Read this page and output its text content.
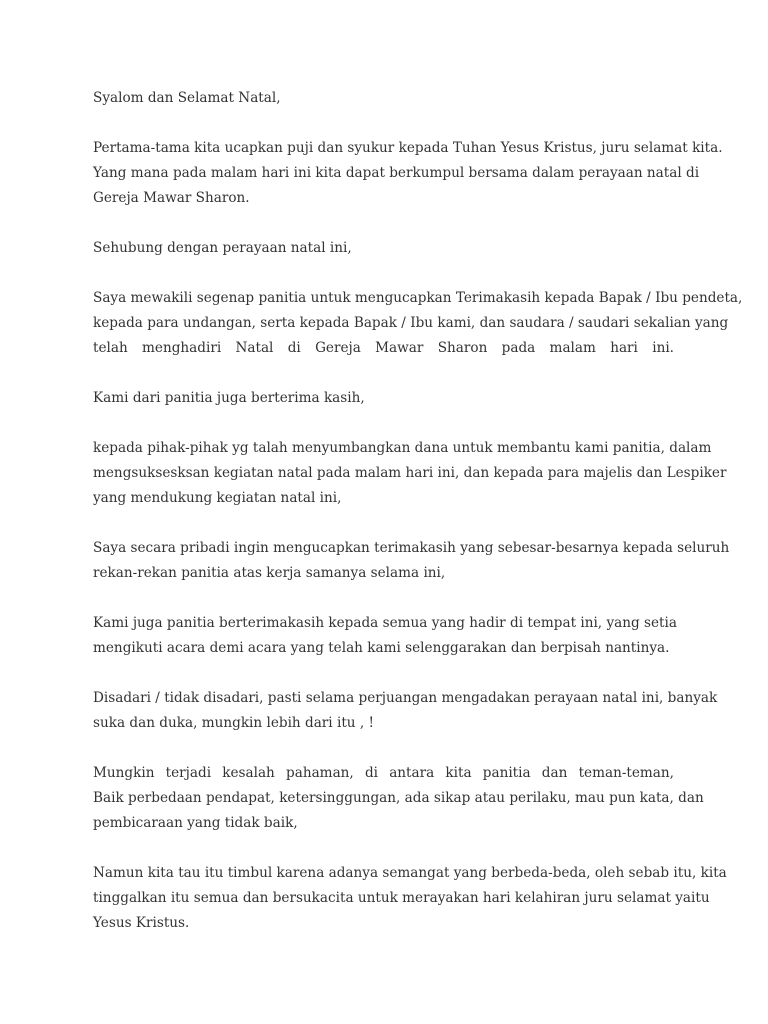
Syalom dan Selamat Natal,

Pertama-tama kita ucapkan puji dan syukur kepada Tuhan Yesus Kristus, juru selamat kita.
Yang mana pada malam hari ini kita dapat berkumpul bersama dalam perayaan natal di
Gereja Mawar Sharon.

Sehubung dengan perayaan natal ini,

Saya mewakili segenap panitia untuk mengucapkan Terimakasih kepada Bapak / Ibu pendeta,
kepada para undangan, serta kepada Bapak / Ibu kami, dan saudara / saudari sekalian yang
telah menghadiri Natal di Gereja Mawar Sharon pada malam hari ini.

Kami dari panitia juga berterima kasih,

kepada pihak-pihak yg talah menyumbangkan dana untuk membantu kami panitia, dalam
mengsuksesksan kegiatan natal pada malam hari ini, dan kepada para majelis dan Lespiker
yang mendukung kegiatan natal ini,

Saya secara pribadi ingin mengucapkan terimakasih yang sebesar-besarnya kepada seluruh
rekan-rekan panitia atas kerja samanya selama ini,

Kami juga panitia berterimakasih kepada semua yang hadir di tempat ini, yang setia
mengikuti acara demi acara yang telah kami selenggarakan dan berpisah nantinya.

Disadari / tidak disadari, pasti selama perjuangan mengadakan perayaan natal ini, banyak
suka dan duka, mungkin lebih dari itu , !

Mungkin terjadi kesalah pahaman, di antara kita panitia dan teman-teman,
Baik perbedaan pendapat, ketersinggungan, ada sikap atau perilaku, mau pun kata, dan
pembicaraan yang tidak baik,

Namun kita tau itu timbul karena adanya semangat yang berbeda-beda, oleh sebab itu, kita
tinggalkan itu semua dan bersukacita untuk merayakan hari kelahiran juru selamat yaitu
Yesus Kristus.
